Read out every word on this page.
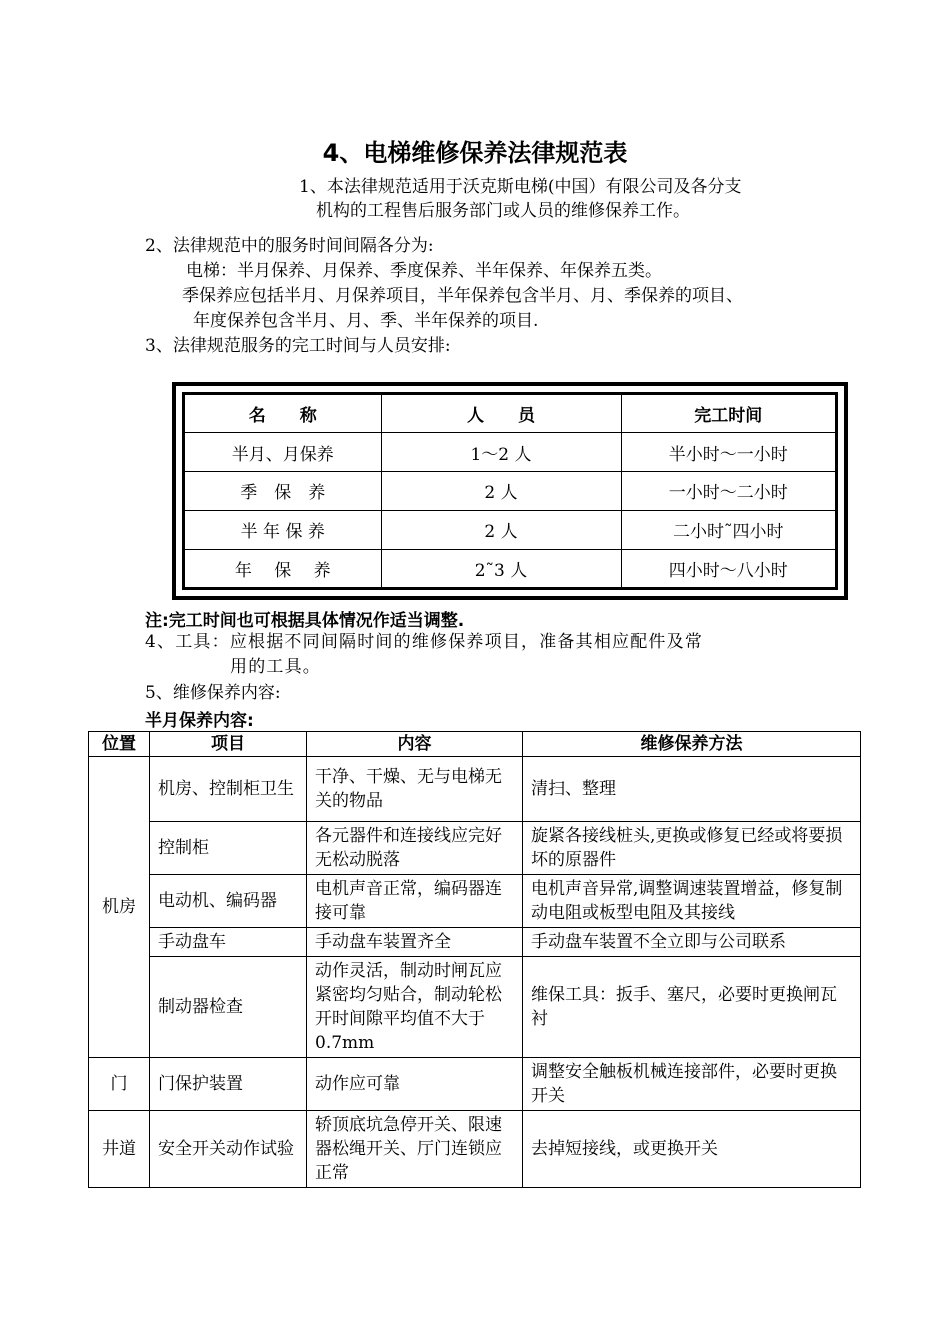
4、电梯维修保养法律规范表
1、本法律规范适用于沃克斯电梯(中国）有限公司及各分支
机构的工程售后服务部门或人员的维修保养工作。
2、法律规范中的服务时间间隔各分为:
电梯：半月保养、月保养、季度保养、半年保养、年保养五类。
季保养应包括半月、月保养项目，半年保养包含半月、月、季保养的项目、
年度保养包含半月、月、季、半年保养的项目.
3、法律规范服务的完工时间与人员安排:
名　　称	人　　员	完工时间
半月、月保养	1～2 人	半小时～一小时
季　保　养	2 人	一小时～二小时
半 年 保 养	2 人	二小时˜四小时
年　 保　 养	2˜3 人	四小时～八小时
注:完工时间也可根据具体情况作适当调整.
4、工具：应根据不同间隔时间的维修保养项目，准备其相应配件及常
用的工具。
5、维修保养内容:
半月保养内容:
位置	项目	内容	维修保养方法
机房	机房、控制柜卫生	干净、干燥、无与电梯无关的物品	清扫、整理
	控制柜	各元器件和连接线应完好无松动脱落	旋紧各接线桩头,更换或修复已经或将要损坏的原器件
	电动机、编码器	电机声音正常，编码器连接可靠	电机声音异常,调整调速装置增益，修复制动电阻或板型电阻及其接线
	手动盘车	手动盘车装置齐全	手动盘车装置不全立即与公司联系
	制动器检查	动作灵活，制动时闸瓦应紧密均匀贴合，制动轮松开时间隙平均值不大于 0.7mm	维保工具：扳手、塞尺，必要时更换闸瓦衬
门	门保护装置	动作应可靠	调整安全触板机械连接部件，必要时更换开关
井道	安全开关动作试验	轿顶底坑急停开关、限速器松绳开关、厅门连锁应正常	去掉短接线，或更换开关
